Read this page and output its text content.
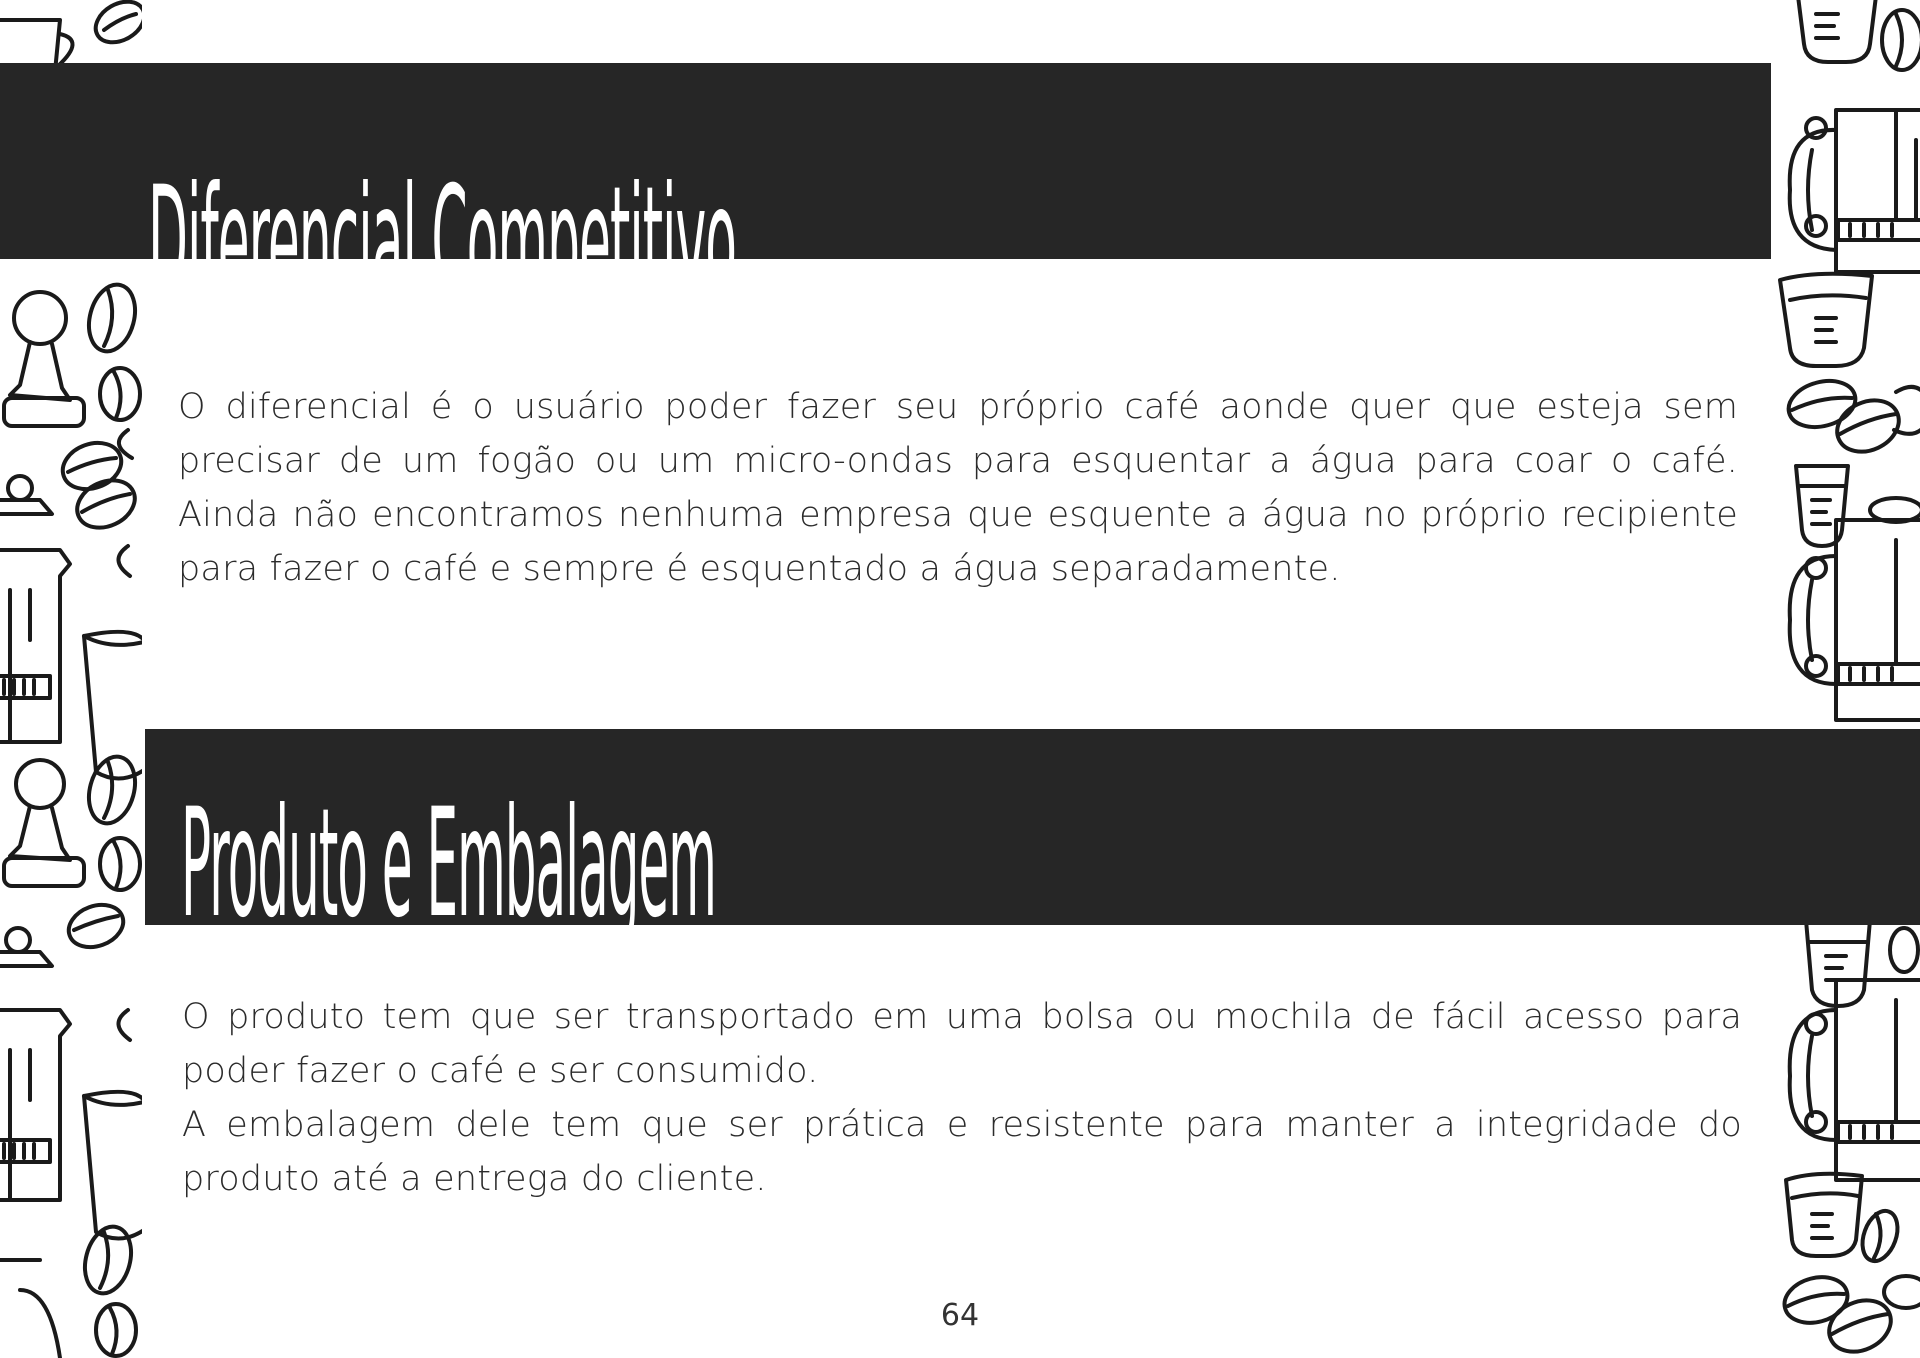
Diferencial Competitivo

O diferencial é o usuário poder fazer seu próprio café aonde quer que esteja sem precisar de um fogão ou um micro-ondas para esquentar a água para coar o café. Ainda não encontramos nenhuma empresa que esquente a água no próprio recipiente para fazer o café e sempre é esquentado a água separadamente.

Produto e Embalagem

O produto tem que ser transportado em uma bolsa ou mochila de fácil acesso para poder fazer o café e ser consumido.

A embalagem dele tem que ser prática e resistente para manter a integridade do produto até a entrega do cliente.

64
